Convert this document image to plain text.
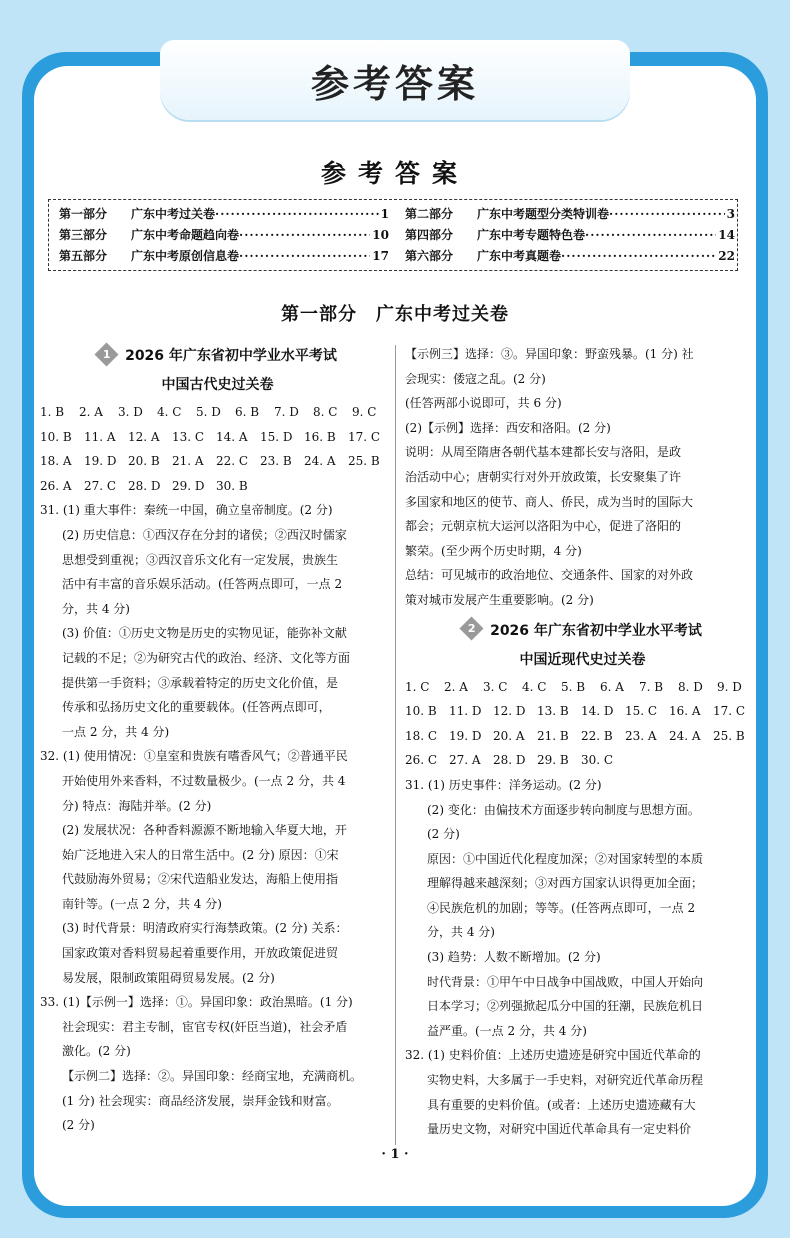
参考答案
参考答案
第一部分	广东中考过关卷 ·····	1 第二部分	广东中考题型分类特训卷 ·····	3
第三部分	广东中考命题趋向卷 ·····	10 第四部分	广东中考专题特色卷 ·····	14
第五部分	广东中考原创信息卷 ·····	17 第六部分	广东中考真题卷 ·····	22
第一部分　广东中考过关卷
1 2026 年广东省初中学业水平考试
中国古代史过关卷
1. B	2. A	3. D	4. C	5. D	6. B	7. D	8. C	9. C
10. B	11. A	12. A	13. C 14. A	15. D 16. B	17. C
18. A	19. D 20. B	21. A	22. C 23. B	24. A	25. B
26. A	27. C 28. D 29. D 30. B
31. (1) 重大事件：秦统一中国，确立皇帝制度。(2 分)
(2) 历史信息：①西汉存在分封的诸侯；②西汉时儒家
思想受到重视；③西汉音乐文化有一定发展，贵族生
活中有丰富的音乐娱乐活动。(任答两点即可，一点 2
分，共 4 分)
(3) 价值：①历史文物是历史的实物见证，能弥补文献
记载的不足；②为研究古代的政治、经济、文化等方面
提供第一手资料；③承载着特定的历史文化价值，是
传承和弘扬历史文化的重要载体。(任答两点即可，
一点 2 分，共 4 分)
32. (1) 使用情况：①皇室和贵族有嗜香风气；②普通平民
开始使用外来香料，不过数量极少。(一点 2 分，共 4
分) 特点：海陆并举。(2 分)
(2) 发展状况：各种香料源源不断地输入华夏大地，开
始广泛地进入宋人的日常生活中。(2 分) 原因：①宋
代鼓励海外贸易；②宋代造船业发达，海船上使用指
南针等。(一点 2 分，共 4 分)
(3) 时代背景：明清政府实行海禁政策。(2 分) 关系：
国家政策对香料贸易起着重要作用，开放政策促进贸
易发展，限制政策阻碍贸易发展。(2 分)
33. (1)【示例一】选择：①。异国印象：政治黑暗。(1 分)
社会现实：君主专制，宦官专权(奸臣当道)，社会矛盾
激化。(2 分)
【示例二】选择：②。异国印象：经商宝地，充满商机。
(1 分) 社会现实：商品经济发展，崇拜金钱和财富。
(2 分)
【示例三】选择：③。异国印象：野蛮残暴。(1 分) 社
会现实：倭寇之乱。(2 分)
(任答两部小说即可，共 6 分)
(2)【示例】选择：西安和洛阳。(2 分)
说明：从周至隋唐各朝代基本建都长安与洛阳，是政
治活动中心；唐朝实行对外开放政策，长安聚集了许
多国家和地区的使节、商人、侨民，成为当时的国际大
都会；元朝京杭大运河以洛阳为中心，促进了洛阳的
繁荣。(至少两个历史时期，4 分)
总结：可见城市的政治地位、交通条件、国家的对外政
策对城市发展产生重要影响。(2 分)
2 2026 年广东省初中学业水平考试
中国近现代史过关卷
1. C	2. A	3. C	4. C	5. B	6. A	7. B	8. D	9. D
10. B	11. D 12. D 13. B	14. D 15. C 16. A	17. C
18. C 19. D 20. A	21. B	22. B	23. A	24. A	25. B
26. C 27. A	28. D 29. B	30. C
31. (1) 历史事件：洋务运动。(2 分)
(2) 变化：由偏技术方面逐步转向制度与思想方面。
(2 分)
原因：①中国近代化程度加深；②对国家转型的本质
理解得越来越深刻；③对西方国家认识得更加全面；
④民族危机的加剧；等等。(任答两点即可，一点 2
分，共 4 分)
(3) 趋势：人数不断增加。(2 分)
时代背景：①甲午中日战争中国战败，中国人开始向
日本学习；②列强掀起瓜分中国的狂潮，民族危机日
益严重。(一点 2 分，共 4 分)
32. (1) 史料价值：上述历史遗迹是研究中国近代革命的
实物史料，大多属于一手史料，对研究近代革命历程
具有重要的史料价值。(或者：上述历史遗迹藏有大
量历史文物，对研究中国近代革命具有一定史料价
· 1 ·
